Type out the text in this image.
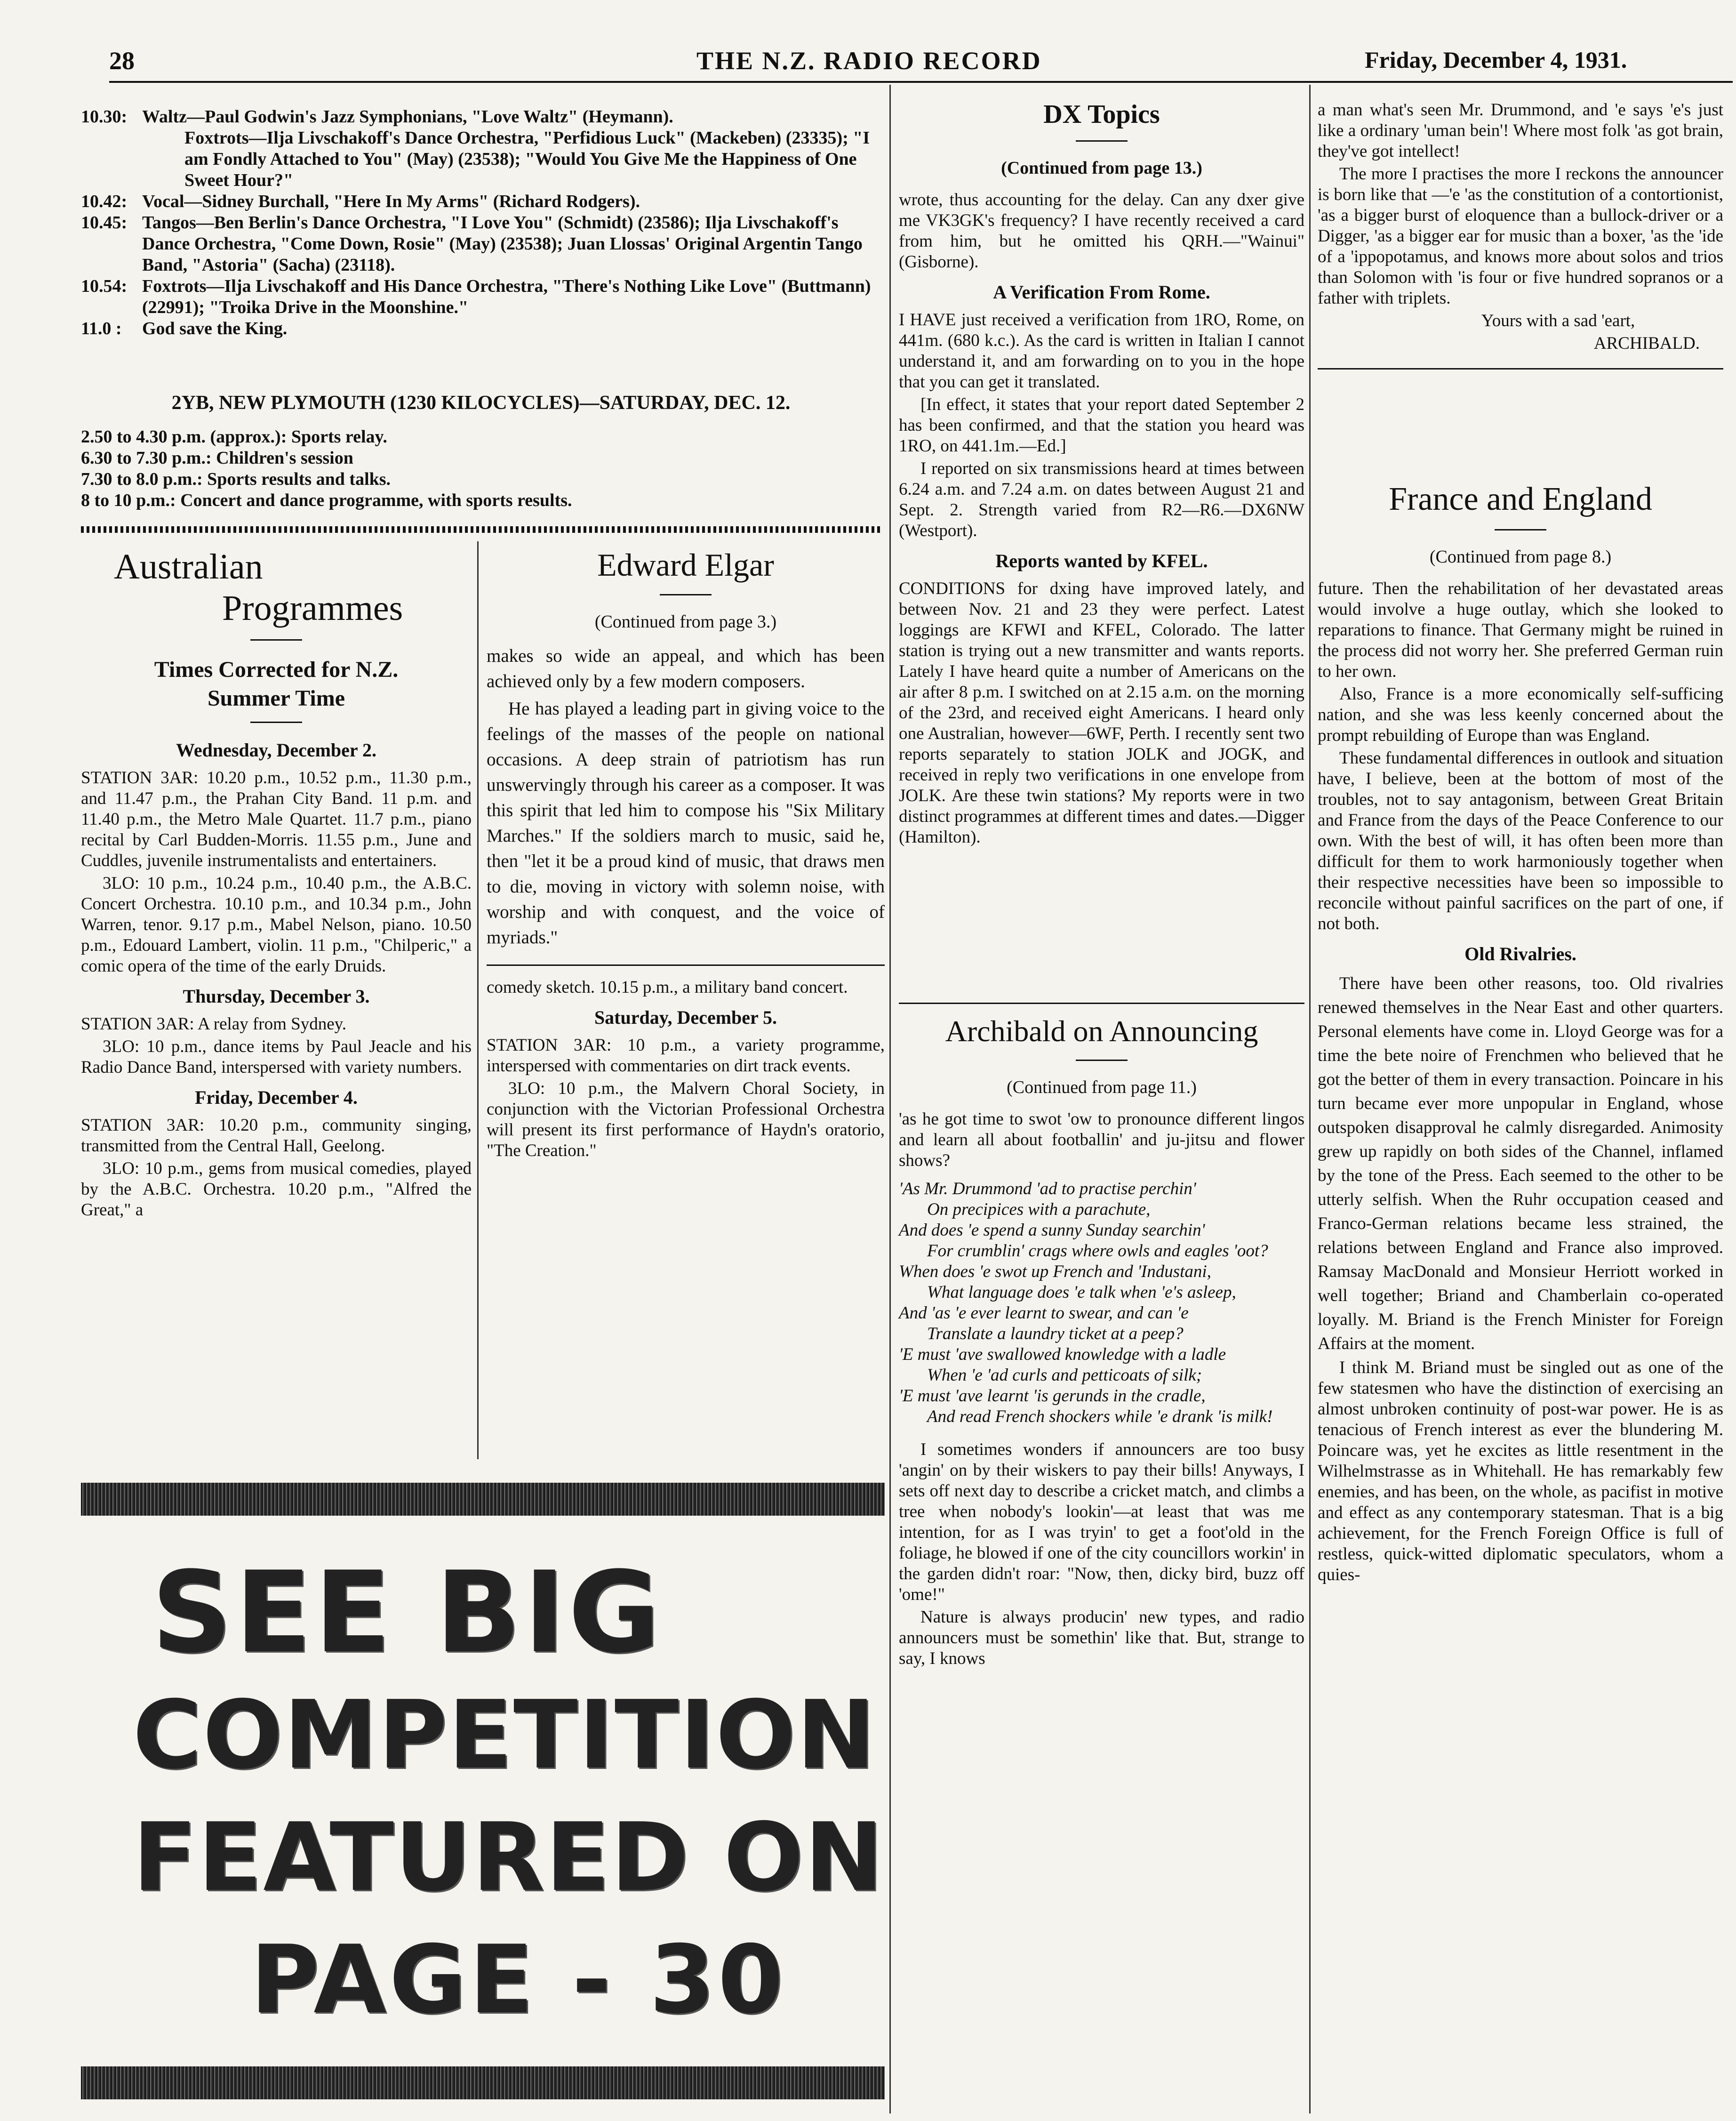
28	THE N.Z. RADIO RECORD	Friday, December 4, 1931.
10.30: Waltz—Paul Godwin's Jazz Symphonians, "Love Waltz" (Heymann).
Foxtrots—Ilja Livschakoff's Dance Orchestra, "Perfidious Luck" (Mackeben) (23335); "I am Fondly Attached to You" (May) (23538); "Would You Give Me the Happiness of One Sweet Hour?"
10.42: Vocal—Sidney Burchall, "Here In My Arms" (Richard Rodgers).
10.45: Tangos—Ben Berlin's Dance Orchestra, "I Love You" (Schmidt) (23586); Ilja Livschakoff's Dance Orchestra, "Come Down, Rosie" (May) (23538); Juan Llossas' Original Argentin Tango Band, "Astoria" (Sacha) (23118).
10.54: Foxtrots—Ilja Livschakoff and His Dance Orchestra, "There's Nothing Like Love" (Buttmann) (22991); "Troika Drive in the Moonshine."
11.0 :	God save the King.
2YB, NEW PLYMOUTH (1230 KILOCYCLES)—SATURDAY, DEC. 12.
2.50 to 4.30 p.m. (approx.): Sports relay.
6.30 to 7.30 p.m.: Children's session
7.30 to 8.0 p.m.: Sports results and talks.
8 to 10 p.m.: Concert and dance programme, with sports results.
Australian
Programmes
Times Corrected for N.Z.
Summer Time
Wednesday, December 2.

STATION 3AR: 10.20 p.m., 10.52 p.m., 11.30 p.m., and 11.47 p.m., the Prahan City Band. 11 p.m. and 11.40 p.m., the Metro Male Quartet. 11.7 p.m., piano recital by Carl Budden-Morris. 11.55 p.m., June and Cuddles, juvenile instrumentalists and entertainers.

3LO: 10 p.m., 10.24 p.m., 10.40 p.m., the A.B.C. Concert Orchestra. 10.10 p.m., and 10.34 p.m., John Warren, tenor. 9.17 p.m., Mabel Nelson, piano. 10.50 p.m., Edouard Lambert, violin. 11 p.m., "Chilperic," a comic opera of the time of the early Druids.

Thursday, December 3.

STATION 3AR: A relay from Sydney.

3LO: 10 p.m., dance items by Paul Jeacle and his Radio Dance Band, interspersed with variety numbers.

Friday, December 4.

STATION 3AR: 10.20 p.m., community singing, transmitted from the Central Hall, Geelong.

3LO: 10 p.m., gems from musical comedies, played by the A.B.C. Orchestra. 10.20 p.m., "Alfred the Great," a

Edward Elgar
(Continued from page 3.)

makes so wide an appeal, and which has been achieved only by a few modern composers.

He has played a leading part in giving voice to the feelings of the masses of the people on national occasions. A deep strain of patriotism has run unswervingly through his career as a composer. It was this spirit that led him to compose his "Six Military Marches." If the soldiers march to music, said he, then "let it be a proud kind of music, that draws men to die, moving in victory with solemn noise, with worship and with conquest, and the voice of myriads."

comedy sketch. 10.15 p.m., a military band concert.

Saturday, December 5.

STATION 3AR: 10 p.m., a variety programme, interspersed with commentaries on dirt track events.

3LO: 10 p.m., the Malvern Choral Society, in conjunction with the Victorian Professional Orchestra will present its first performance of Haydn's oratorio, "The Creation."

SEE BIG
COMPETITION
FEATURED ON
PAGE - 30
DX Topics
(Continued from page 13.)

wrote, thus accounting for the delay. Can any dxer give me VK3GK's frequency? I have recently received a card from him, but he omitted his QRH.—"Wainui" (Gisborne).

A Verification From Rome.

I HAVE just received a verification from 1RO, Rome, on 441m. (680 k.c.). As the card is written in Italian I cannot understand it, and am forwarding on to you in the hope that you can get it translated.

[In effect, it states that your report dated September 2 has been confirmed, and that the station you heard was 1RO, on 441.1m.—Ed.]

I reported on six transmissions heard at times between 6.24 a.m. and 7.24 a.m. on dates between August 21 and Sept. 2. Strength varied from R2—R6.—DX6NW (Westport).

Reports wanted by KFEL.

CONDITIONS for dxing have improved lately, and between Nov. 21 and 23 they were perfect. Latest loggings are KFWI and KFEL, Colorado. The latter station is trying out a new transmitter and wants reports. Lately I have heard quite a number of Americans on the air after 8 p.m. I switched on at 2.15 a.m. on the morning of the 23rd, and received eight Americans. I heard only one Australian, however—6WF, Perth. I recently sent two reports separately to station JOLK and JOGK, and received in reply two verifications in one envelope from JOLK. Are these twin stations? My reports were in two distinct programmes at different times and dates.—Digger (Hamilton).

Archibald on Announcing
(Continued from page 11.)

'as he got time to swot 'ow to pronounce different lingos and learn all about footballin' and ju-jitsu and flower shows?

'As Mr. Drummond 'ad to practise perchin'
On precipices with a parachute,
And does 'e spend a sunny Sunday searchin'
For crumblin' crags where owls and eagles 'oot?
When does 'e swot up French and 'Industani,
What language does 'e talk when 'e's asleep,
And 'as 'e ever learnt to swear, and can 'e
Translate a laundry ticket at a peep?
'E must 'ave swallowed knowledge with a ladle
When 'e 'ad curls and petticoats of silk;
'E must 'ave learnt 'is gerunds in the cradle,
And read French shockers while 'e drank 'is milk!

I sometimes wonders if announcers are too busy 'angin' on by their wiskers to pay their bills! Anyways, I sets off next day to describe a cricket match, and climbs a tree when nobody's lookin'—at least that was me intention, for as I was tryin' to get a foot'old in the foliage, he blowed if one of the city councillors workin' in the garden didn't roar: "Now, then, dicky bird, buzz off 'ome!"

Nature is always producin' new types, and radio announcers must be somethin' like that. But, strange to say, I knows

a man what's seen Mr. Drummond, and 'e says 'e's just like a ordinary 'uman bein'! Where most folk 'as got brain, they've got intellect!

The more I practises the more I reckons the announcer is born like that —'e 'as the constitution of a contortionist, 'as a bigger burst of eloquence than a bullock-driver or a Digger, 'as a bigger ear for music than a boxer, 'as the 'ide of a 'ippopotamus, and knows more about solos and trios than Solomon with 'is four or five hundred sopranos or a father with triplets.

Yours with a sad 'eart,

ARCHIBALD.

France and England
(Continued from page 8.)

future. Then the rehabilitation of her devastated areas would involve a huge outlay, which she looked to reparations to finance. That Germany might be ruined in the process did not worry her. She preferred German ruin to her own.

Also, France is a more economically self-sufficing nation, and she was less keenly concerned about the prompt rebuilding of Europe than was England.

These fundamental differences in outlook and situation have, I believe, been at the bottom of most of the troubles, not to say antagonism, between Great Britain and France from the days of the Peace Conference to our own. With the best of will, it has often been more than difficult for them to work harmoniously together when their respective necessities have been so impossible to reconcile without painful sacrifices on the part of one, if not both.

Old Rivalries.

There have been other reasons, too. Old rivalries renewed themselves in the Near East and other quarters. Personal elements have come in. Lloyd George was for a time the bete noire of Frenchmen who believed that he got the better of them in every transaction. Poincare in his turn became ever more unpopular in England, whose outspoken disapproval he calmly disregarded. Animosity grew up rapidly on both sides of the Channel, inflamed by the tone of the Press. Each seemed to the other to be utterly selfish. When the Ruhr occupation ceased and Franco-German relations became less strained, the relations between England and France also improved. Ramsay MacDonald and Monsieur Herriott worked in well together; Briand and Chamberlain co-operated loyally. M. Briand is the French Minister for Foreign Affairs at the moment.

I think M. Briand must be singled out as one of the few statesmen who have the distinction of exercising an almost unbroken continuity of post-war power. He is as tenacious of French interest as ever the blundering M. Poincare was, yet he excites as little resentment in the Wilhelmstrasse as in Whitehall. He has remarkably few enemies, and has been, on the whole, as pacifist in motive and effect as any contemporary statesman. That is a big achievement, for the French Foreign Office is full of restless, quick-witted diplomatic speculators, whom a quies-
